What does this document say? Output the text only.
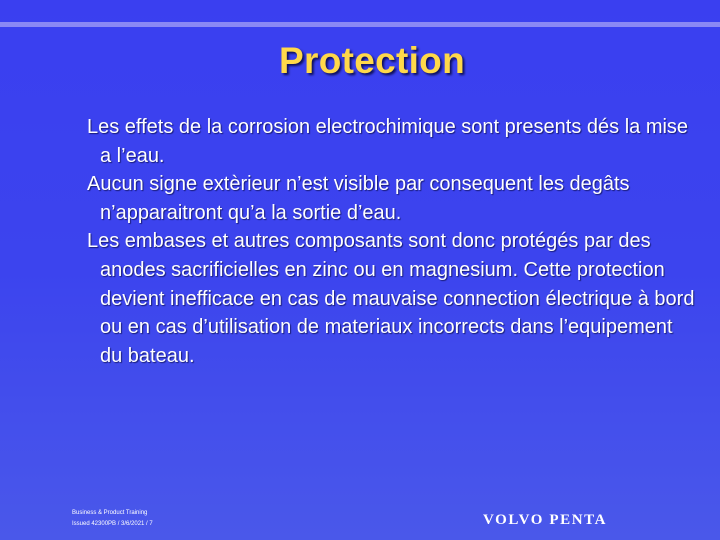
Protection

Les effets de la corrosion electrochimique sont presents dés la mise a l’eau.

Aucun signe extèrieur n’est visible par consequent les degâts n’apparaitront qu’a la sortie d’eau.

Les embases et autres composants sont donc protégés par des anodes sacrificielles en zinc ou en magnesium. Cette protection devient inefficace en cas de mauvaise connection électrique à bord ou en cas d’utilisation de materiaux incorrects dans l’equipement du bateau.

Business & Product Training
Issued 42300PB / 3/6/2021 / 7	VOLVO PENTA
